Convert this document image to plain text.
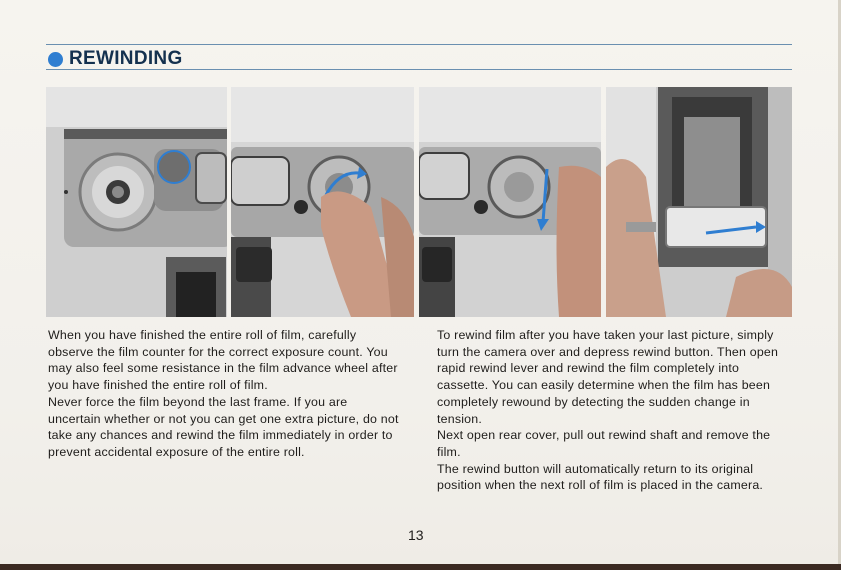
REWINDING

When you have finished the entire roll of film, carefully observe the film counter for the correct exposure count. You may also feel some resistance in the film advance wheel after you have finished the entire roll of film.

Never force the film beyond the last frame. If you are uncertain whether or not you can get one extra picture, do not take any chances and rewind the film immediately in order to prevent accidental exposure of the entire roll.

To rewind film after you have taken your last picture, simply turn the camera over and depress rewind button. Then open rapid rewind lever and rewind the film completely into cassette. You can easily determine when the film has been completely rewound by detecting the sudden change in tension.

Next open rear cover, pull out rewind shaft and remove the film.

The rewind button will automatically return to its original position when the next roll of film is placed in the camera.

13
